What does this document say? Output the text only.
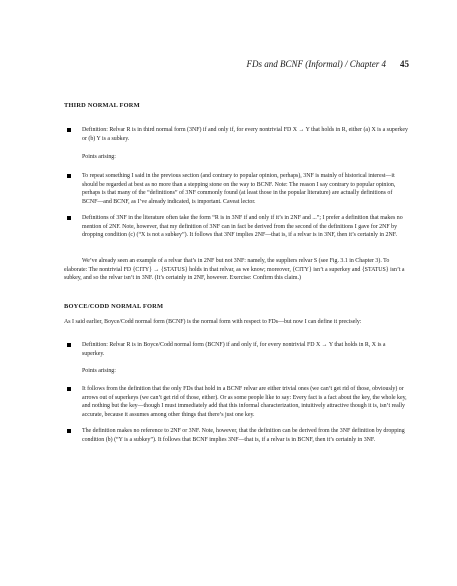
FDs and BCNF (Informal) / Chapter 4 45
THIRD NORMAL FORM

Definition: Relvar R is in third normal form (3NF) if and only if, for every nontrivial FD X → Y that holds in R, either (a) X is a superkey or (b) Y is a subkey.

Points arising:

To repeat something I said in the previous section (and contrary to popular opinion, perhaps), 3NF is mainly of historical interest—it should be regarded at best as no more than a stepping stone on the way to BCNF. Note: The reason I say contrary to popular opinion, perhaps is that many of the “definitions” of 3NF commonly found (at least those in the popular literature) are actually definitions of BCNF—and BCNF, as I’ve already indicated, is important. Caveat lector.

Definitions of 3NF in the literature often take the form “R is in 3NF if and only if it’s in 2NF and ...”; I prefer a definition that makes no mention of 2NF. Note, however, that my definition of 3NF can in fact be derived from the second of the definitions I gave for 2NF by dropping condition (c) (“X is not a subkey”). It follows that 3NF implies 2NF—that is, if a relvar is in 3NF, then it’s certainly in 2NF.

We’ve already seen an example of a relvar that’s in 2NF but not 3NF: namely, the suppliers relvar S (see Fig. 3.1 in Chapter 3). To elaborate: The nontrivial FD {CITY} → {STATUS} holds in that relvar, as we know; moreover, {CITY} isn’t a superkey and {STATUS} isn’t a subkey, and so the relvar isn’t in 3NF. (It’s certainly in 2NF, however. Exercise: Confirm this claim.)

BOYCE/CODD NORMAL FORM

As I said earlier, Boyce/Codd normal form (BCNF) is the normal form with respect to FDs—but now I can define it precisely:

Definition: Relvar R is in Boyce/Codd normal form (BCNF) if and only if, for every nontrivial FD X → Y that holds in R, X is a superkey.

Points arising:

It follows from the definition that the only FDs that hold in a BCNF relvar are either trivial ones (we can’t get rid of those, obviously) or arrows out of superkeys (we can’t get rid of those, either). Or as some people like to say: Every fact is a fact about the key, the whole key, and nothing but the key—though I must immediately add that this informal characterization, intuitively attractive though it is, isn’t really accurate, because it assumes among other things that there’s just one key.

The definition makes no reference to 2NF or 3NF. Note, however, that the definition can be derived from the 3NF definition by dropping condition (b) (“Y is a subkey”). It follows that BCNF implies 3NF—that is, if a relvar is in BCNF, then it’s certainly in 3NF.
